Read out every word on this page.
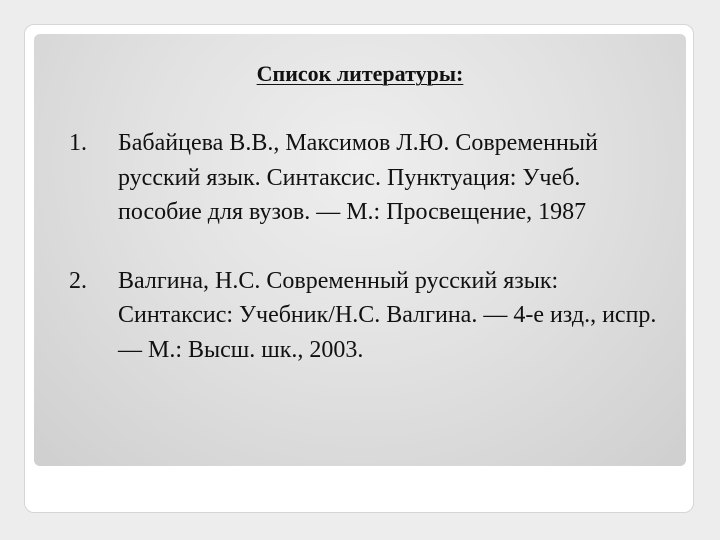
Список литературы:
1. Бабайцева В.В., Максимов Л.Ю. Современный русский язык. Синтаксис. Пунктуация: Учеб. пособие для вузов. — М.: Просвещение, 1987
2. Валгина, Н.С. Современный русский язык: Синтаксис: Учебник/Н.С. Валгина. — 4-е изд., испр. — М.: Высш. шк., 2003.
